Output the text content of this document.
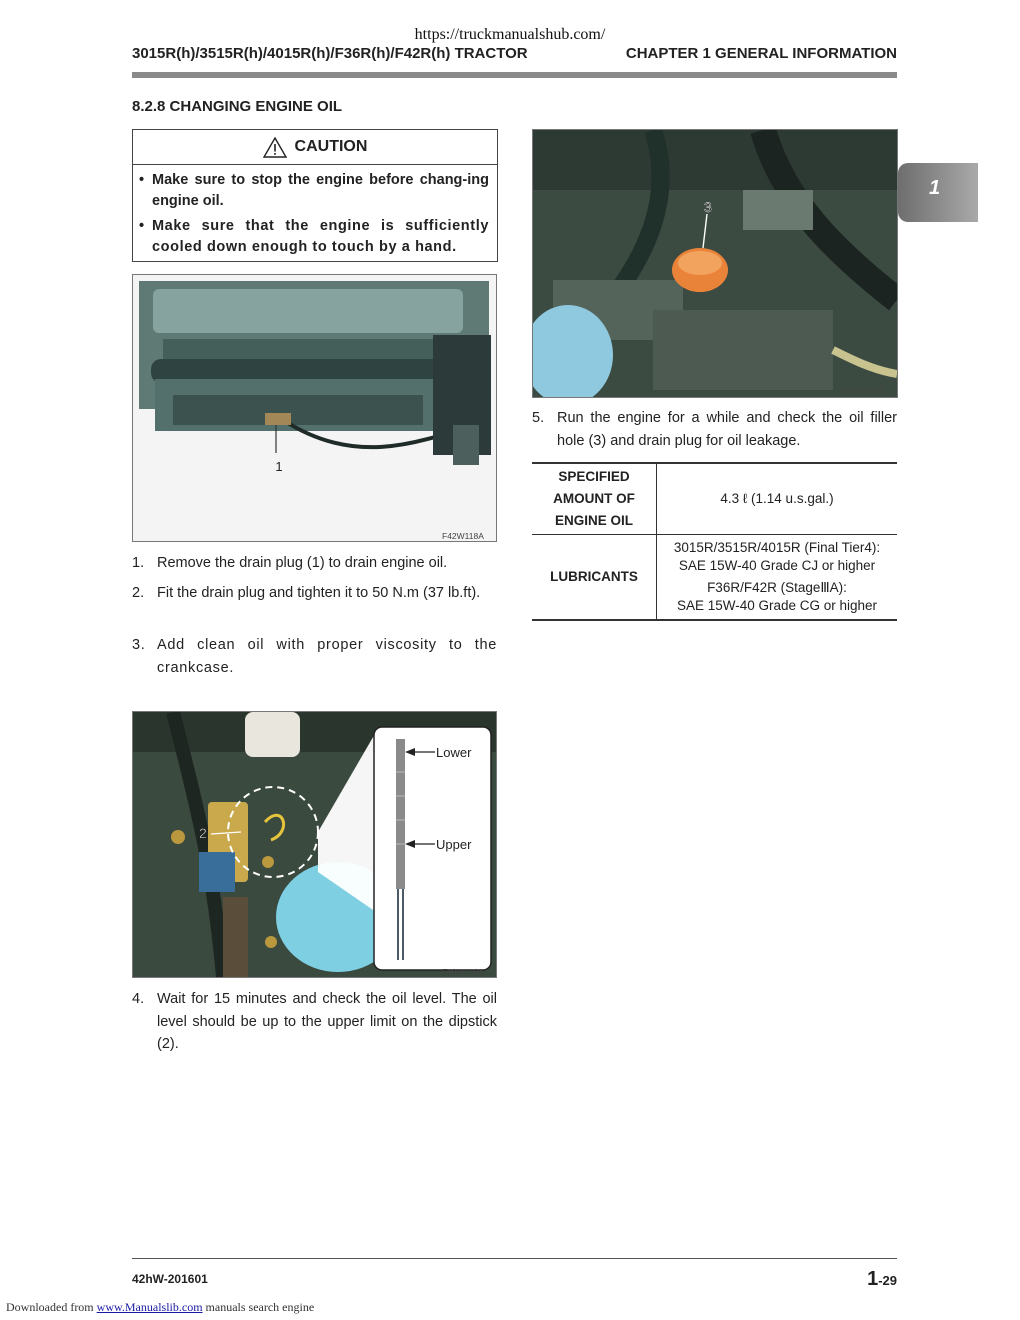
https://truckmanualshub.com/
3015R(h)/3515R(h)/4015R(h)/F36R(h)/F42R(h) TRACTOR	CHAPTER 1 GENERAL INFORMATION
1
8.2.8 CHANGING ENGINE OIL
CAUTION
• Make sure to stop the engine before chang-ing engine oil.
• Make sure that the engine is sufficiently cooled down enough to touch by a hand.
1
F42W118A
1. Remove the drain plug (1) to drain engine oil.
2. Fit the drain plug and tighten it to 50 N.m (37 lb.ft).
3. Add clean oil with proper viscosity to the crankcase.
Lower
Upper
2
F42W119A
4. Wait for 15 minutes and check the oil level. The oil level should be up to the upper limit on the dipstick (2).
3
F42W120A
5. Run the engine for a while and check the oil filler hole (3) and drain plug for oil leakage.
SPECIFIED
AMOUNT OF
ENGINE OIL	4.3 ℓ (1.14 u.s.gal.)
LUBRICANTS	3015R/3515R/4015R (Final Tier4):
SAE 15W-40 Grade CJ or higher
F36R/F42R (StageⅢA):
SAE 15W-40 Grade CG or higher
42hW-201601	1-29
Downloaded from www.Manualslib.com manuals search engine
